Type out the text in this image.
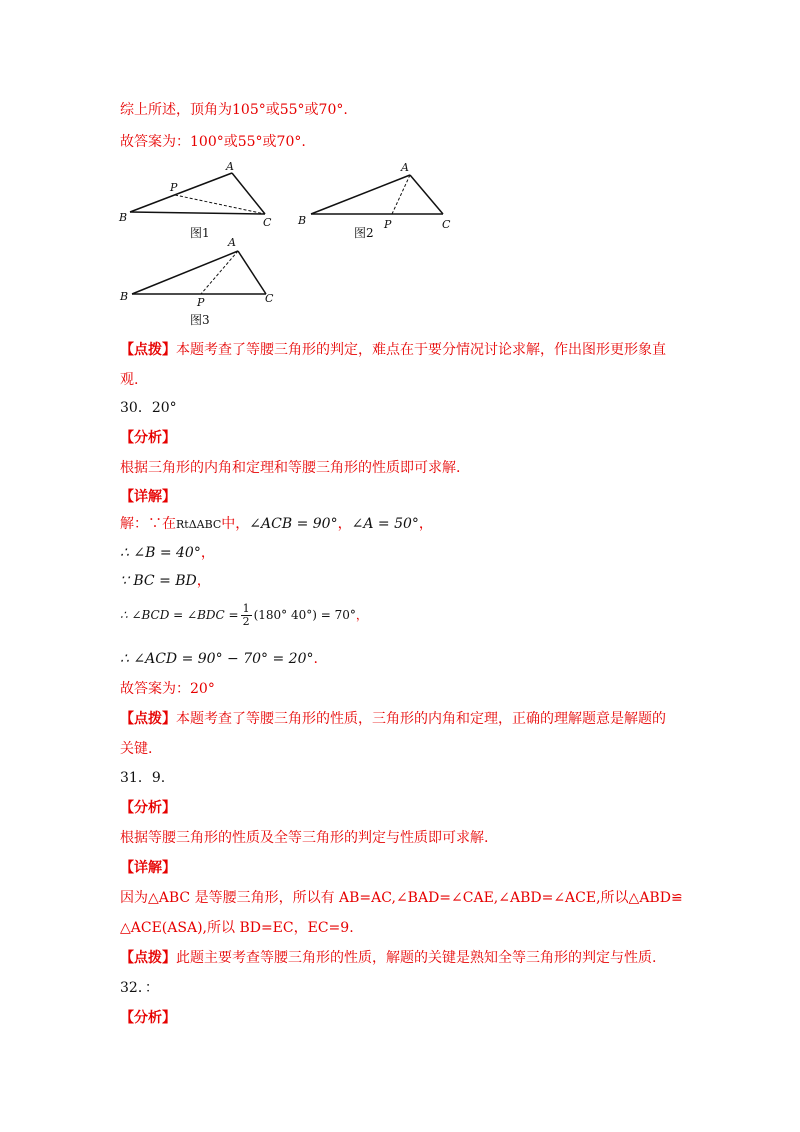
综上所述，顶角为105°或55°或70°.
故答案为：100°或55°或70°.
A
P
B	C
图1
A
B	C
P
图2
A
B	C
P
图3
【点拨】本题考查了等腰三角形的判定，难点在于要分情况讨论求解，作出图形更形象直
观.
30．20°
【分析】
根据三角形的内角和定理和等腰三角形的性质即可求解.
【详解】
解：∵在RtΔABC中，∠ACB = 90°，∠A = 50°，
∴ ∠B = 40°，
∵ BC = BD，
∴ ∠BCD = ∠BDC = $\frac{1}{2} (180^\circ$ 40°) = 70°，
∴ ∠ACD = 90° − 70° = 20°.
故答案为：20°
【点拨】本题考查了等腰三角形的性质，三角形的内角和定理，正确的理解题意是解题的
关键.
31．9.
【分析】
根据等腰三角形的性质及全等三角形的判定与性质即可求解.
【详解】
因为△ABC 是等腰三角形，所以有 AB=AC,∠BAD=∠CAE,∠ABD=∠ACE,所以△ABD≌
△ACE(ASA),所以 BD=EC，EC=9.
【点拨】此题主要考查等腰三角形的性质，解题的关键是熟知全等三角形的判定与性质.
32．：
【分析】
